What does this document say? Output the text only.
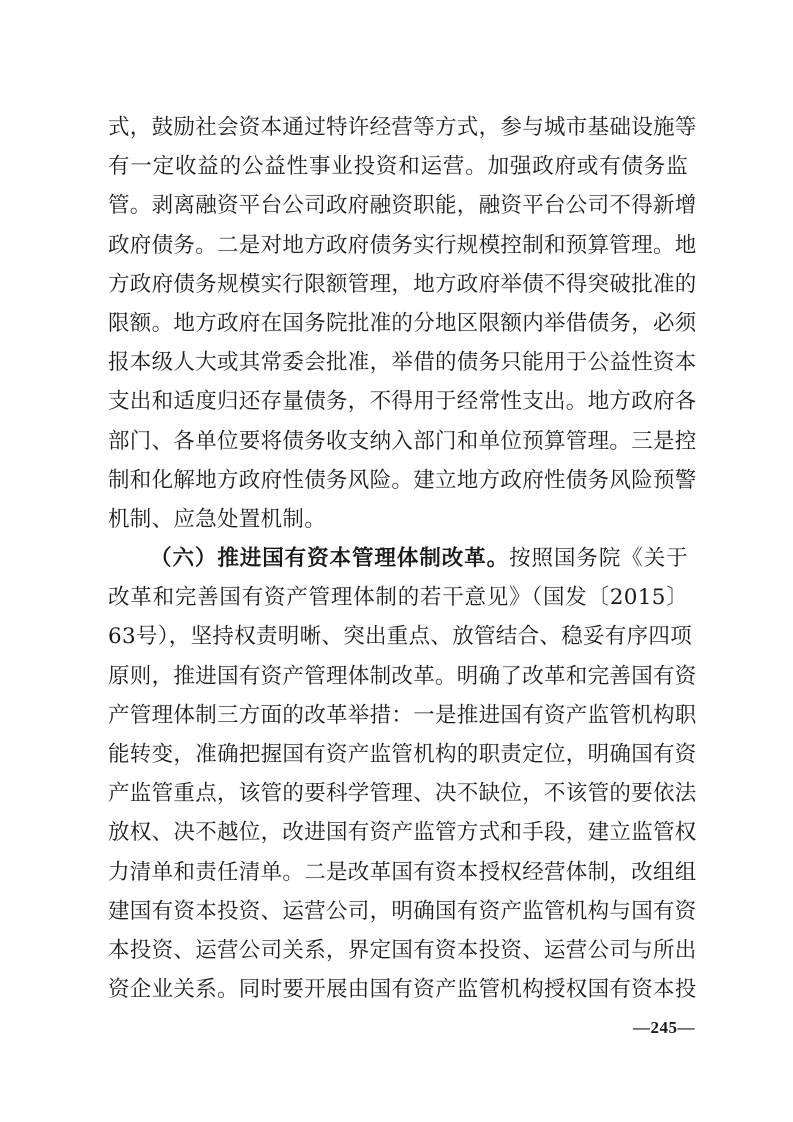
式，鼓励社会资本通过特许经营等方式，参与城市基础设施等
有一定收益的公益性事业投资和运营。加强政府或有债务监
管。剥离融资平台公司政府融资职能，融资平台公司不得新增
政府债务。二是对地方政府债务实行规模控制和预算管理。地
方政府债务规模实行限额管理，地方政府举债不得突破批准的
限额。地方政府在国务院批准的分地区限额内举借债务，必须
报本级人大或其常委会批准，举借的债务只能用于公益性资本
支出和适度归还存量债务，不得用于经常性支出。地方政府各
部门、各单位要将债务收支纳入部门和单位预算管理。三是控
制和化解地方政府性债务风险。建立地方政府性债务风险预警
机制、应急处置机制。
（六）推进国有资本管理体制改革。按照国务院《关于
改革和完善国有资产管理体制的若干意见》（国发〔2015〕
63号），坚持权责明晰、突出重点、放管结合、稳妥有序四项
原则，推进国有资产管理体制改革。明确了改革和完善国有资
产管理体制三方面的改革举措：一是推进国有资产监管机构职
能转变，准确把握国有资产监管机构的职责定位，明确国有资
产监管重点，该管的要科学管理、决不缺位，不该管的要依法
放权、决不越位，改进国有资产监管方式和手段，建立监管权
力清单和责任清单。二是改革国有资本授权经营体制，改组组
建国有资本投资、运营公司，明确国有资产监管机构与国有资
本投资、运营公司关系，界定国有资本投资、运营公司与所出
资企业关系。同时要开展由国有资产监管机构授权国有资本投
—245—
